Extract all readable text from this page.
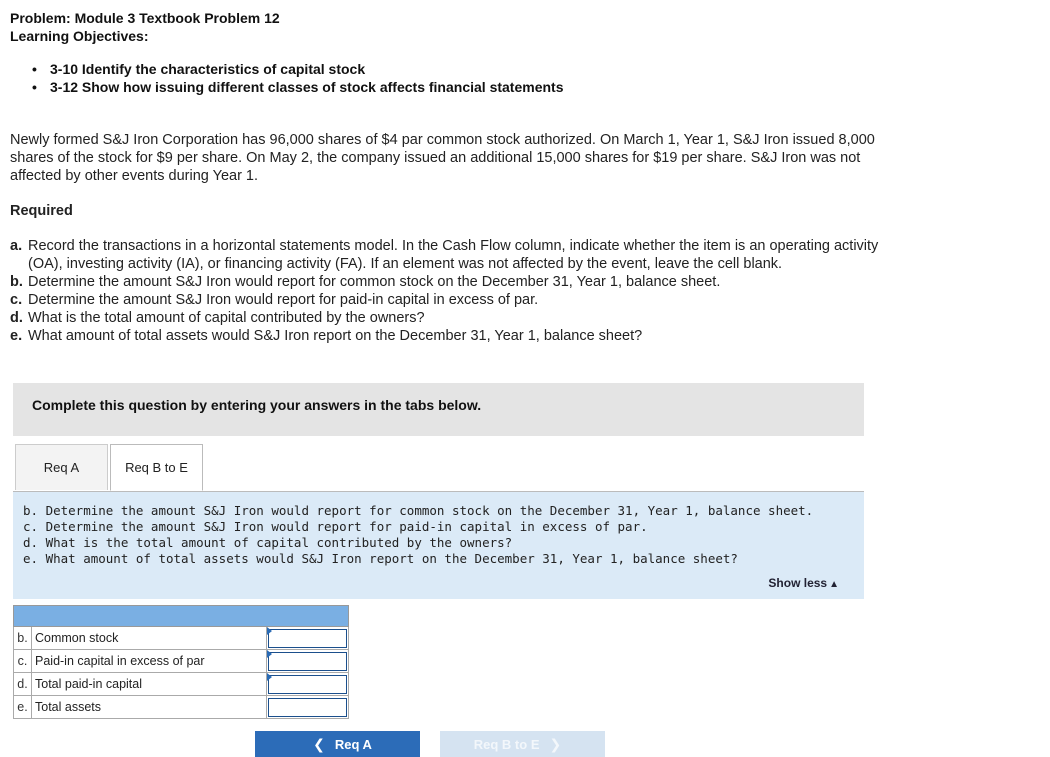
Problem: Module 3 Textbook Problem 12
Learning Objectives:
• 3-10 Identify the characteristics of capital stock
• 3-12 Show how issuing different classes of stock affects financial statements
Newly formed S&J Iron Corporation has 96,000 shares of $4 par common stock authorized. On March 1, Year 1, S&J Iron issued 8,000
shares of the stock for $9 per share. On May 2, the company issued an additional 15,000 shares for $19 per share. S&J Iron was not
affected by other events during Year 1.
Required
a. Record the transactions in a horizontal statements model. In the Cash Flow column, indicate whether the item is an operating activity (OA), investing activity (IA), or financing activity (FA). If an element was not affected by the event, leave the cell blank.
b. Determine the amount S&J Iron would report for common stock on the December 31, Year 1, balance sheet.
c. Determine the amount S&J Iron would report for paid-in capital in excess of par.
d. What is the total amount of capital contributed by the owners?
e. What amount of total assets would S&J Iron report on the December 31, Year 1, balance sheet?
Complete this question by entering your answers in the tabs below.
Req A	Req B to E
b. Determine the amount S&J Iron would report for common stock on the December 31, Year 1, balance sheet.
c. Determine the amount S&J Iron would report for paid-in capital in excess of par.
d. What is the total amount of capital contributed by the owners?
e. What amount of total assets would S&J Iron report on the December 31, Year 1, balance sheet?
Show less ▲
b. Common stock
c. Paid-in capital in excess of par
d. Total paid-in capital
e. Total assets
❮ Req A	Req B to E ❯
